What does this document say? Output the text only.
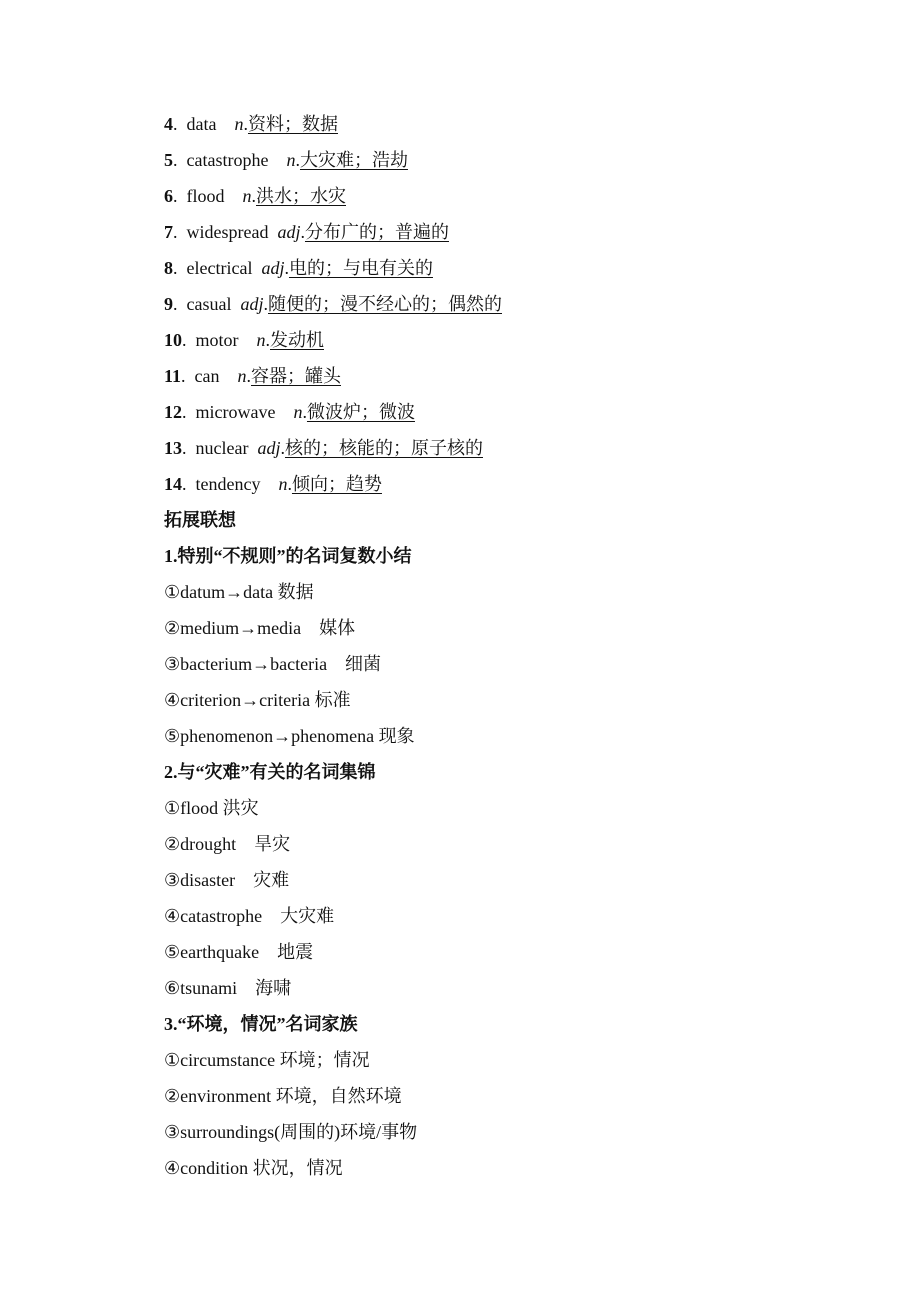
4.  data  n.资料；数据
5.  catastrophe  n.大灾难；浩劫
6.  flood  n.洪水；水灾
7.  widespread  adj.分布广的；普遍的
8.  electrical  adj.电的；与电有关的
9.  casual  adj.随便的；漫不经心的；偶然的
10.  motor  n.发动机
11.  can  n.容器；罐头
12.  microwave  n.微波炉；微波
13.  nuclear  adj.核的；核能的；原子核的
14.  tendency  n.倾向；趋势
拓展联想
1.特别“不规则”的名词复数小结
①datum→data 数据
②medium→media　媒体
③bacterium→bacteria　细菌
④criterion→criteria 标准
⑤phenomenon→phenomena 现象
2.与“灾难”有关的名词集锦
①flood 洪灾
②drought　旱灾
③disaster　灾难
④catastrophe　大灾难
⑤earthquake　地震
⑥tsunami　海啸
3.“环境，情况”名词家族
①circumstance 环境；情况
②environment 环境，自然环境
③surroundings(周围的)环境/事物
④condition 状况，情况
